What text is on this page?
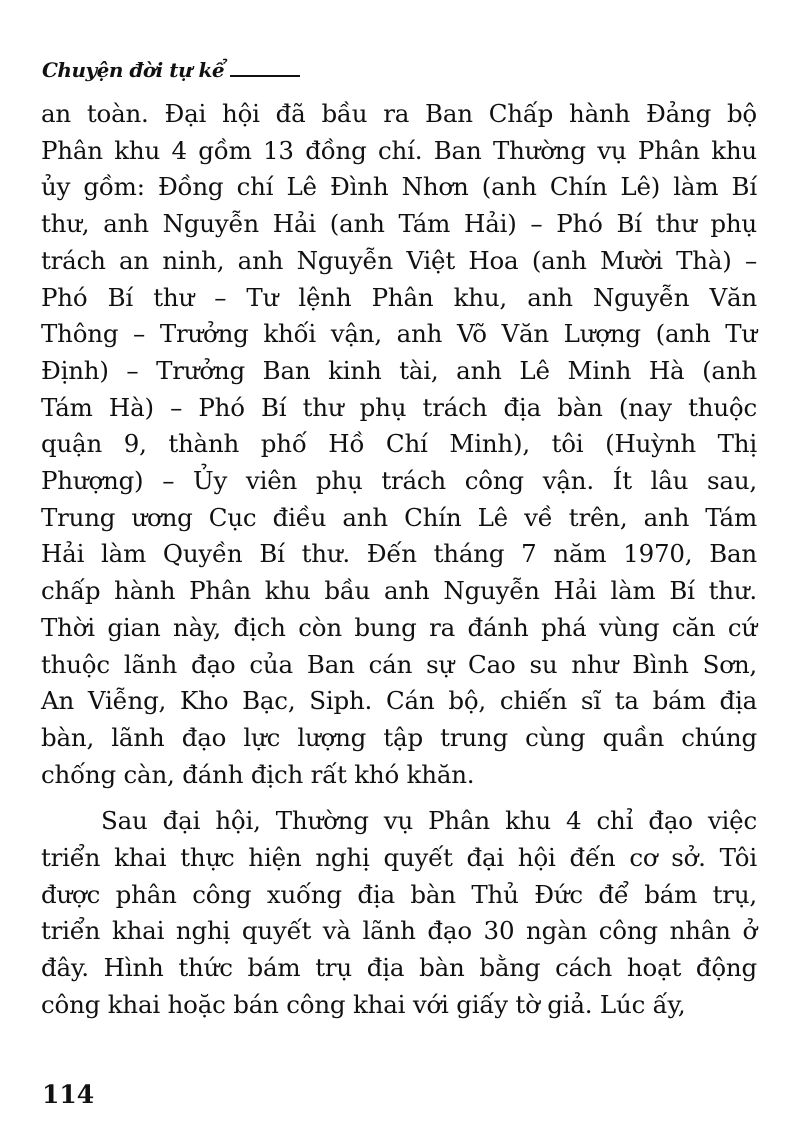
Chuyện đời tự kể
an toàn. Đại hội đã bầu ra Ban Chấp hành Đảng bộ
Phân khu 4 gồm 13 đồng chí. Ban Thường vụ Phân khu
ủy gồm: Đồng chí Lê Đình Nhơn (anh Chín Lê) làm Bí
thư, anh Nguyễn Hải (anh Tám Hải) – Phó Bí thư phụ
trách an ninh, anh Nguyễn Việt Hoa (anh Mười Thà) –
Phó Bí thư – Tư lệnh Phân khu, anh Nguyễn Văn
Thông – Trưởng khối vận, anh Võ Văn Lượng (anh Tư
Định) – Trưởng Ban kinh tài, anh Lê Minh Hà (anh
Tám Hà) – Phó Bí thư phụ trách địa bàn (nay thuộc
quận 9, thành phố Hồ Chí Minh), tôi (Huỳnh Thị
Phượng) – Ủy viên phụ trách công vận. Ít lâu sau,
Trung ương Cục điều anh Chín Lê về trên, anh Tám
Hải làm Quyền Bí thư. Đến tháng 7 năm 1970, Ban
chấp hành Phân khu bầu anh Nguyễn Hải làm Bí thư.
Thời gian này, địch còn bung ra đánh phá vùng căn cứ
thuộc lãnh đạo của Ban cán sự Cao su như Bình Sơn,
An Viễng, Kho Bạc, Siph. Cán bộ, chiến sĩ ta bám địa
bàn, lãnh đạo lực lượng tập trung cùng quần chúng
chống càn, đánh địch rất khó khăn.
Sau đại hội, Thường vụ Phân khu 4 chỉ đạo việc
triển khai thực hiện nghị quyết đại hội đến cơ sở. Tôi
được phân công xuống địa bàn Thủ Đức để bám trụ,
triển khai nghị quyết và lãnh đạo 30 ngàn công nhân ở
đây. Hình thức bám trụ địa bàn bằng cách hoạt động
công khai hoặc bán công khai với giấy tờ giả. Lúc ấy,
114
